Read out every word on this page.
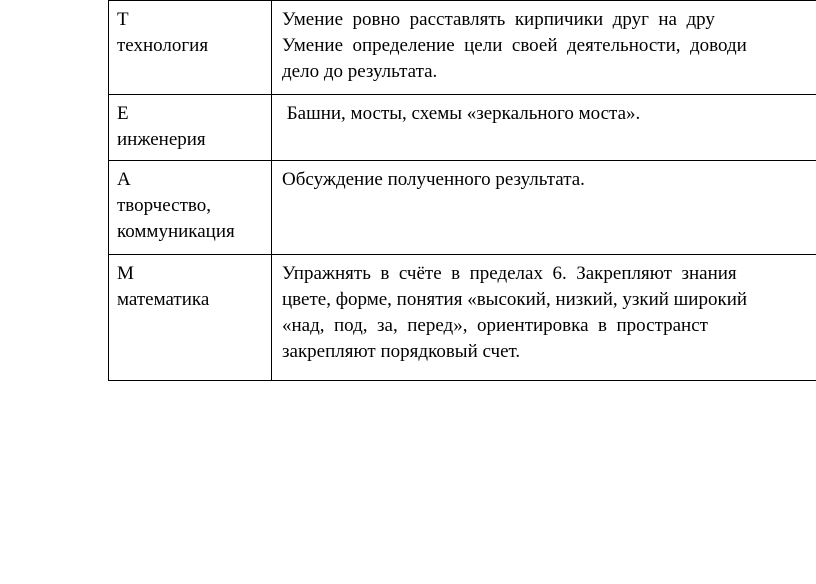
T
технология	Умение  ровно  расставлять  кирпичики  друг  на  дру
Умение  определение  цели  своей  деятельности,  доводи
дело до результата.

E
инженерия	Башни, мосты, схемы «зеркального моста».

A
творчество,
коммуникация	Обсуждение полученного результата.

M
математика	Упражнять  в  счёте  в  пределах  6.  Закрепляют  знания
цвете, форме, понятия «высокий, низкий, узкий широкий
«над,  под,  за,  перед»,  ориентировка  в  пространст
закрепляют порядковый счет.
